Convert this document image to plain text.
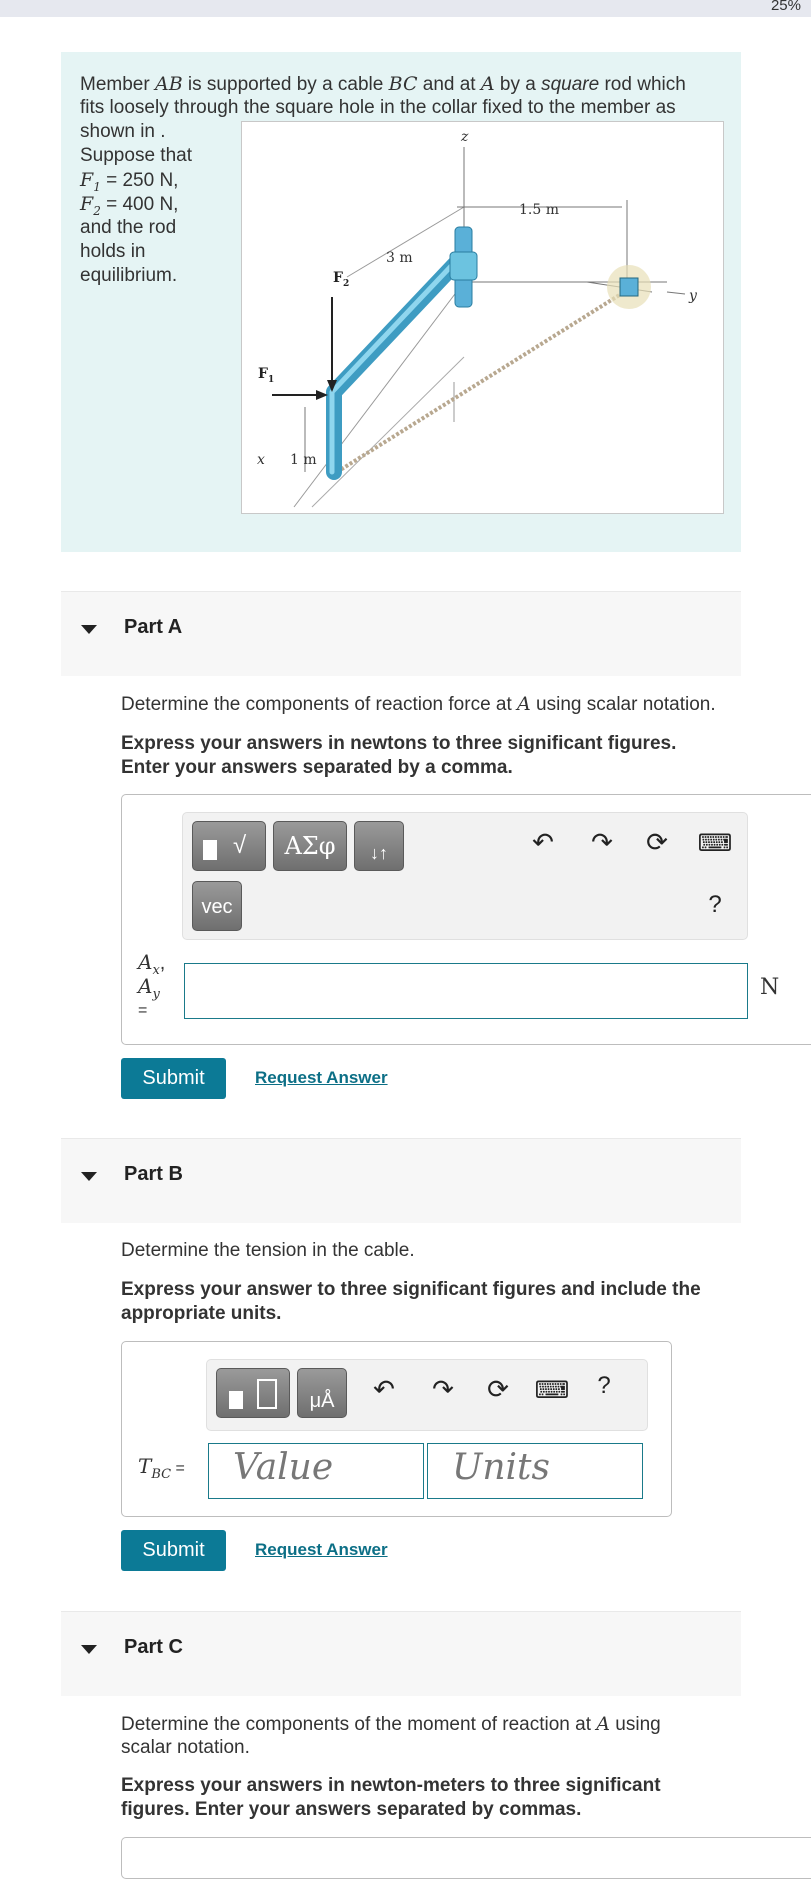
25%

Member AB is supported by a cable BC and at A by a square rod which

fits loosely through the square hole in the collar fixed to the member as

shown in .

Suppose that

$F_1 = 250$ N,

$F_2 = 400$ N,

and the rod

holds in

equilibrium.

z
y
x
1.5 m
3 m
$F_2$
$F_1$
1 m
Part A
Determine the components of reaction force at A using scalar notation.
Express your answers in newtons to three significant figures. Enter your answers separated by a comma.
√	ΑΣφ	↓↑
vec
↶ ↷ ⟳ ⌨
?
$A_x$,
$A_y$
=
N
Submit	Request Answer
Part B
Determine the tension in the cable.
Express your answer to three significant figures and include the appropriate units.
μÅ	↶ ↷ ⟳ ⌨	?
$T_{BC}$ = Value	Units
Submit	Request Answer
Part C
Determine the components of the moment of reaction at A using
scalar notation.
Express your answers in newton-meters to three significant figures. Enter your answers separated by commas.
